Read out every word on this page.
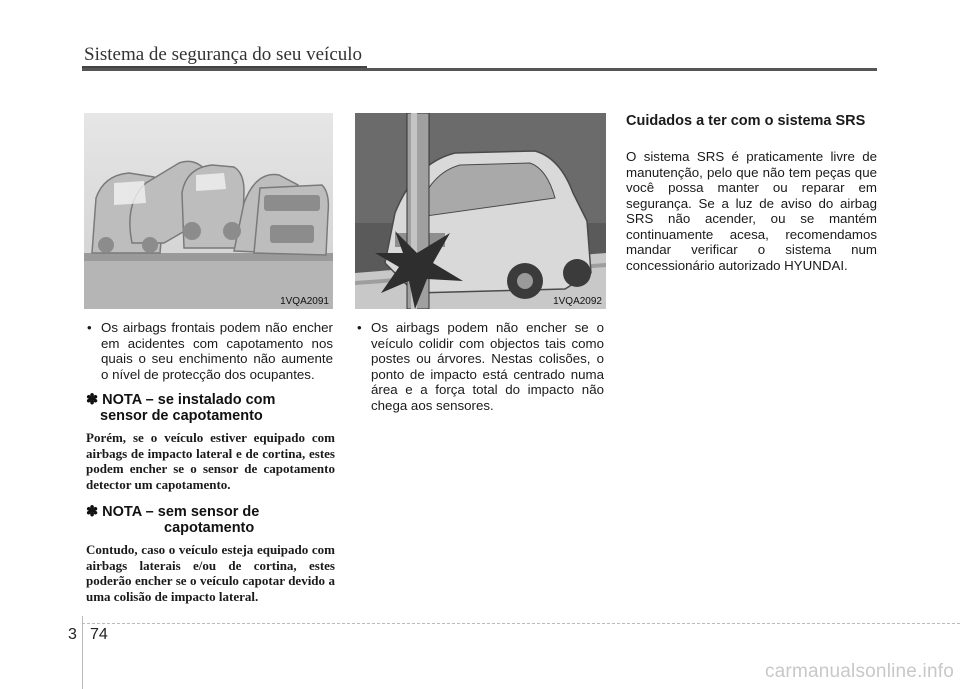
Sistema de segurança do seu veículo
1VQA2091	1VQA2092
• Os airbags frontais podem não encher em acidentes com capotamento nos quais o seu enchimento não aumente o nível de protecção dos ocupantes.
✽ NOTA – se instalado com
sensor de capotamento
Porém, se o veículo estiver equipado com airbags de impacto lateral e de cortina, estes podem encher se o sensor de capotamento detector um capotamento.
✽ NOTA – sem sensor de
capotamento
Contudo, caso o veículo esteja equipado com airbags laterais e/ou de cortina, estes poderão encher se o veículo capotar devido a uma colisão de impacto lateral.
• Os airbags podem não encher se o veículo colidir com objectos tais como postes ou árvores. Nestas colisões, o ponto de impacto está centrado numa área e a força total do impacto não chega aos sensores.
Cuidados a ter com o sistema SRS
O sistema SRS é praticamente livre de manutenção, pelo que não tem peças que você possa manter ou reparar em segurança. Se a luz de aviso do airbag SRS não acender, ou se mantém continuamente acesa, recomendamos mandar verificar o sistema num concessionário autorizado HYUNDAI.
3 74
carmanualsonline.info
